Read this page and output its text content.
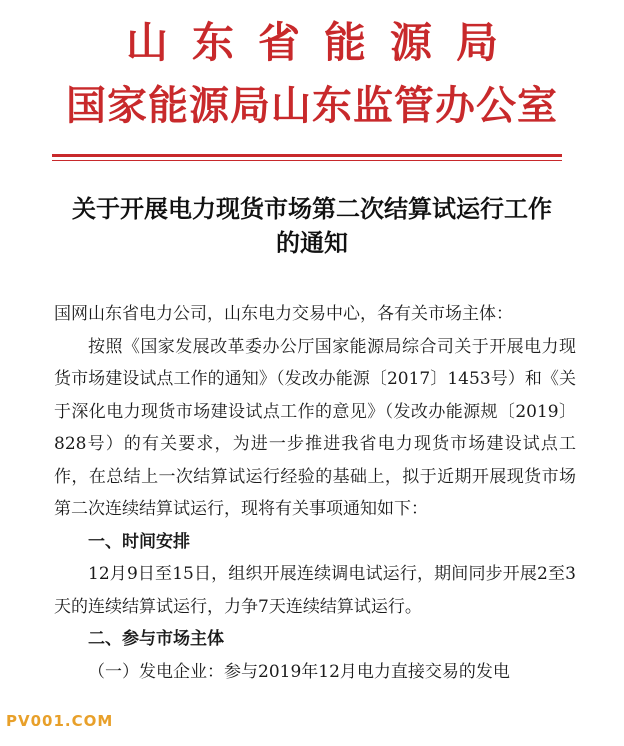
山东省能源局
国家能源局山东监管办公室
关于开展电力现货市场第二次结算试运行工作
的通知

国网山东省电力公司，山东电力交易中心，各有关市场主体：

按照《国家发展改革委办公厅国家能源局综合司关于开展电力现货市场建设试点工作的通知》（发改办能源〔2017〕1453号）和《关于深化电力现货市场建设试点工作的意见》（发改办能源规〔2019〕828号）的有关要求，为进一步推进我省电力现货市场建设试点工作，在总结上一次结算试运行经验的基础上，拟于近期开展现货市场第二次连续结算试运行，现将有关事项通知如下：

一、时间安排

12月9日至15日，组织开展连续调电试运行，期间同步开展2至3天的连续结算试运行，力争7天连续结算试运行。

二、参与市场主体

（一）发电企业：参与2019年12月电力直接交易的发电

PV001.COM
